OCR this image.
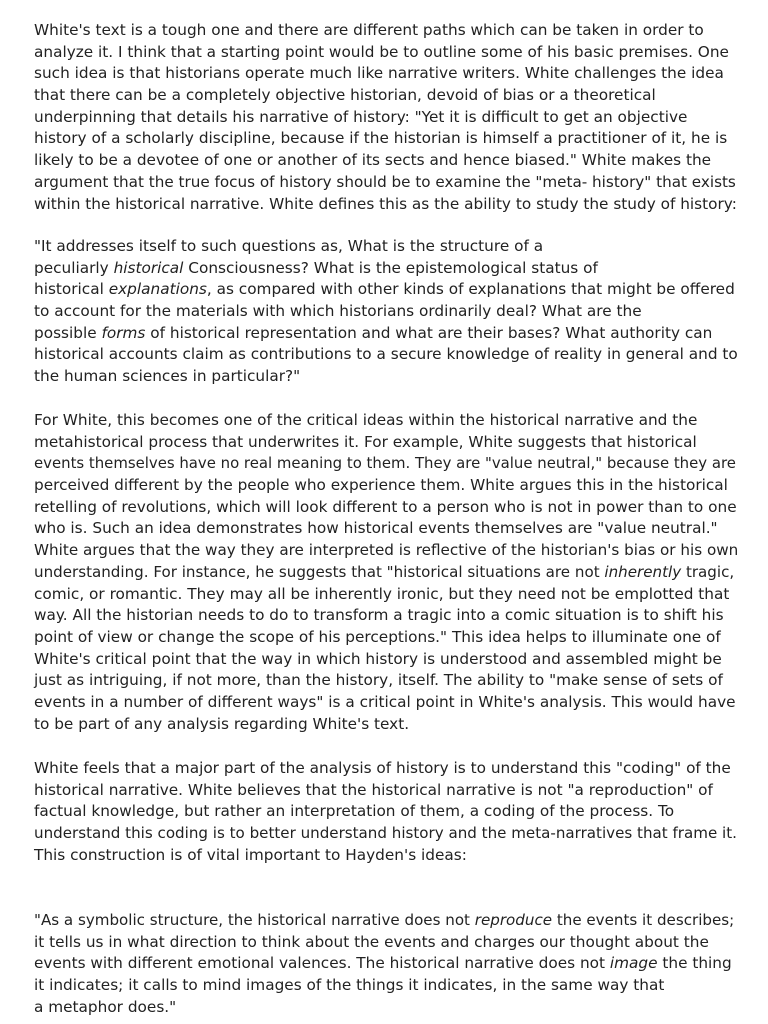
White's text is a tough one and there are different paths which can be taken in order to
analyze it. I think that a starting point would be to outline some of his basic premises. One
such idea is that historians operate much like narrative writers. White challenges the idea
that there can be a completely objective historian, devoid of bias or a theoretical
underpinning that details his narrative of history: "Yet it is difficult to get an objective
history of a scholarly discipline, because if the historian is himself a practitioner of it, he is
likely to be a devotee of one or another of its sects and hence biased." White makes the
argument that the true focus of history should be to examine the "meta- history" that exists
within the historical narrative. White defines this as the ability to study the study of history:
"It addresses itself to such questions as, What is the structure of a
peculiarly historical Consciousness? What is the epistemological status of
historical explanations, as compared with other kinds of explanations that might be offered
to account for the materials with which historians ordinarily deal? What are the
possible forms of historical representation and what are their bases? What authority can
historical accounts claim as contributions to a secure knowledge of reality in general and to
the human sciences in particular?"
For White, this becomes one of the critical ideas within the historical narrative and the
metahistorical process that underwrites it. For example, White suggests that historical
events themselves have no real meaning to them. They are "value neutral," because they are
perceived different by the people who experience them. White argues this in the historical
retelling of revolutions, which will look different to a person who is not in power than to one
who is. Such an idea demonstrates how historical events themselves are "value neutral."
White argues that the way they are interpreted is reflective of the historian's bias or his own
understanding. For instance, he suggests that "historical situations are not inherently tragic,
comic, or romantic. They may all be inherently ironic, but they need not be emplotted that
way. All the historian needs to do to transform a tragic into a comic situation is to shift his
point of view or change the scope of his perceptions." This idea helps to illuminate one of
White's critical point that the way in which history is understood and assembled might be
just as intriguing, if not more, than the history, itself. The ability to "make sense of sets of
events in a number of different ways" is a critical point in White's analysis. This would have
to be part of any analysis regarding White's text.
White feels that a major part of the analysis of history is to understand this "coding" of the
historical narrative. White believes that the historical narrative is not "a reproduction" of
factual knowledge, but rather an interpretation of them, a coding of the process. To
understand this coding is to better understand history and the meta-narratives that frame it.
This construction is of vital important to Hayden's ideas:
"As a symbolic structure, the historical narrative does not reproduce the events it describes;
it tells us in what direction to think about the events and charges our thought about the
events with different emotional valences. The historical narrative does not image the thing
it indicates; it calls to mind images of the things it indicates, in the same way that
a metaphor does."
